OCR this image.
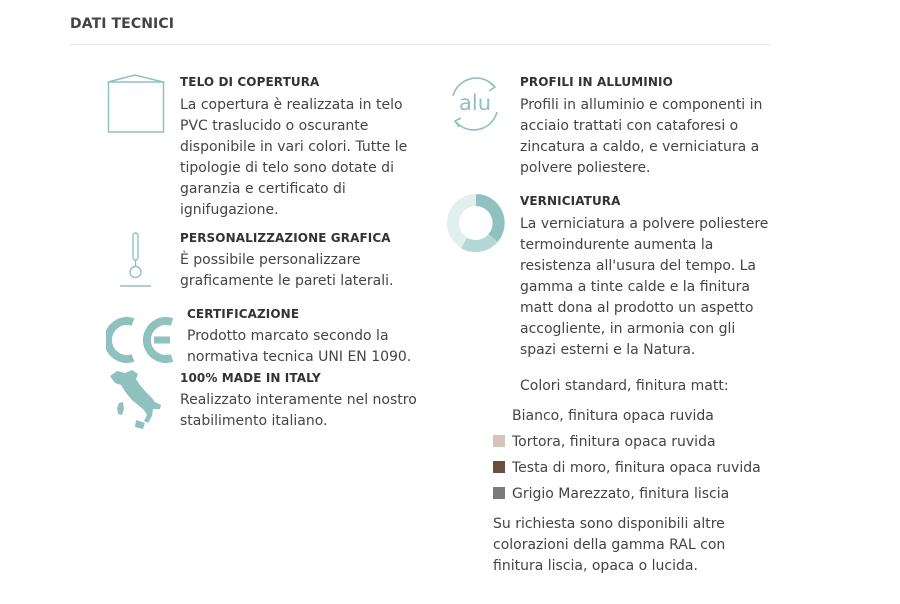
DATI TECNICI
TELO DI COPERTURA

La copertura è realizzata in telo PVC traslucido o oscurante disponibile in vari colori. Tutte le tipologie di telo sono dotate di garanzia e certificato di ignifugazione.

PERSONALIZZAZIONE GRAFICA

È possibile personalizzare graficamente le pareti laterali.

CERTIFICAZIONE

Prodotto marcato secondo la normativa tecnica UNI EN 1090.

100% MADE IN ITALY

Realizzato interamente nel nostro stabilimento italiano.

alu
PROFILI IN ALLUMINIO

Profili in alluminio e componenti in acciaio trattati con cataforesi o zincatura a caldo, e verniciatura a polvere poliestere.

VERNICIATURA

La verniciatura a polvere poliestere termoindurente aumenta la resistenza all'usura del tempo. La gamma a tinte calde e la finitura matt dona al prodotto un aspetto accogliente, in armonia con gli spazi esterni e la Natura.

Colori standard, finitura matt:
Bianco, finitura opaca ruvida
Tortora, finitura opaca ruvida
Testa di moro, finitura opaca ruvida
Grigio Marezzato, finitura liscia

Su richiesta sono disponibili altre colorazioni della gamma RAL con finitura liscia, opaca o lucida.
